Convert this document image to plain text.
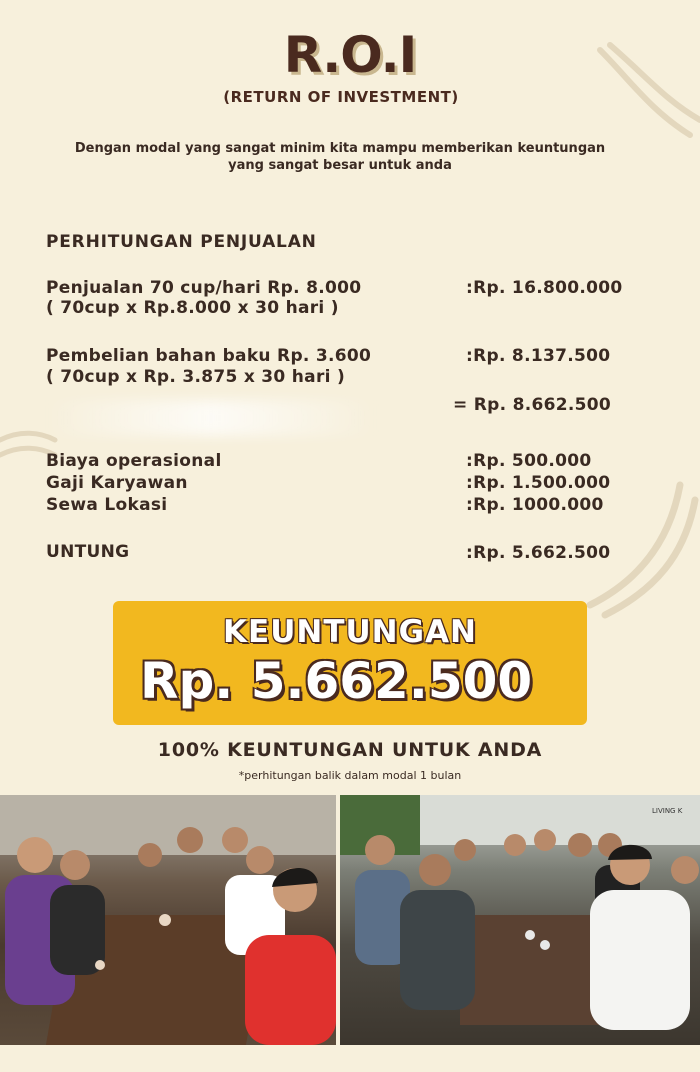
R.O.I
(RETURN OF INVESTMENT)
Dengan modal yang sangat minim kita mampu memberikan keuntungan
yang sangat besar untuk anda
PERHITUNGAN PENJUALAN
Penjualan 70 cup/hari Rp. 8.000
( 70cup x Rp.8.000 x 30 hari )
:Rp. 16.800.000
Pembelian bahan baku Rp. 3.600
( 70cup x Rp. 3.875 x 30 hari )
:Rp. 8.137.500
= Rp. 8.662.500
Biaya operasional	:Rp. 500.000
Gaji Karyawan	:Rp. 1.500.000
Sewa Lokasi	:Rp. 1000.000
UNTUNG	:Rp. 5.662.500
KEUNTUNGAN
Rp. 5.662.500
100% KEUNTUNGAN UNTUK ANDA
*perhitungan balik dalam modal 1 bulan
LIVING K
